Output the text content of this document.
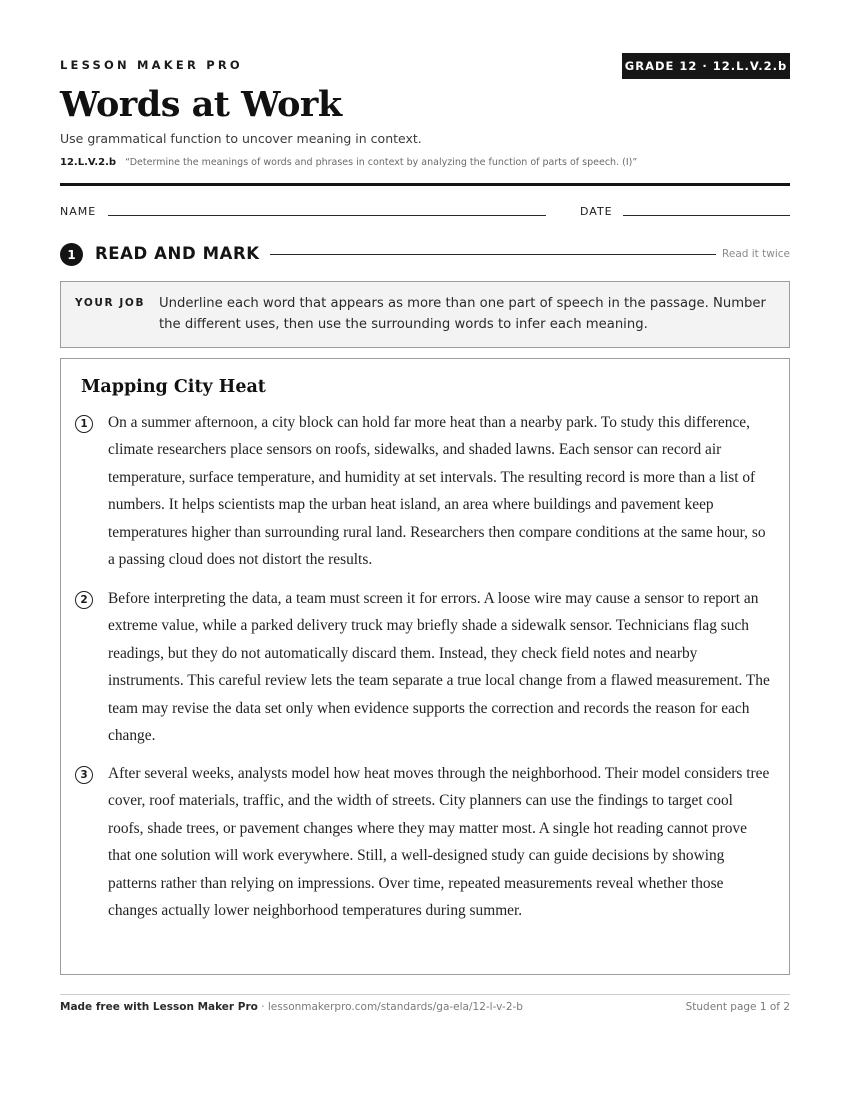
LESSON MAKER PRO	GRADE 12 · 12.L.V.2.b
Words at Work
Use grammatical function to uncover meaning in context.
12.L.V.2.b “Determine the meanings of words and phrases in context by analyzing the function of parts of speech. (I)”
NAME	DATE
1	READ AND MARK	Read it twice
YOUR JOB Underline each word that appears as more than one part of speech in the passage. Number the different uses, then use the surrounding words to infer each meaning.
Mapping City Heat
1	On a summer afternoon, a city block can hold far more heat than a nearby park. To study this difference, climate researchers place sensors on roofs, sidewalks, and shaded lawns. Each sensor can record air temperature, surface temperature, and humidity at set intervals. The resulting record is more than a list of numbers. It helps scientists map the urban heat island, an area where buildings and pavement keep temperatures higher than surrounding rural land. Researchers then compare conditions at the same hour, so a passing cloud does not distort the results.

2	Before interpreting the data, a team must screen it for errors. A loose wire may cause a sensor to report an extreme value, while a parked delivery truck may briefly shade a sidewalk sensor. Technicians flag such readings, but they do not automatically discard them. Instead, they check field notes and nearby instruments. This careful review lets the team separate a true local change from a flawed measurement. The team may revise the data set only when evidence supports the correction and records the reason for each change.

3	After several weeks, analysts model how heat moves through the neighborhood. Their model considers tree cover, roof materials, traffic, and the width of streets. City planners can use the findings to target cool roofs, shade trees, or pavement changes where they may matter most. A single hot reading cannot prove that one solution will work everywhere. Still, a well-designed study can guide decisions by showing patterns rather than relying on impressions. Over time, repeated measurements reveal whether those changes actually lower neighborhood temperatures during summer.

Made free with Lesson Maker Pro · lessonmakerpro.com/standards/ga-ela/12-l-v-2-b	Student page 1 of 2
